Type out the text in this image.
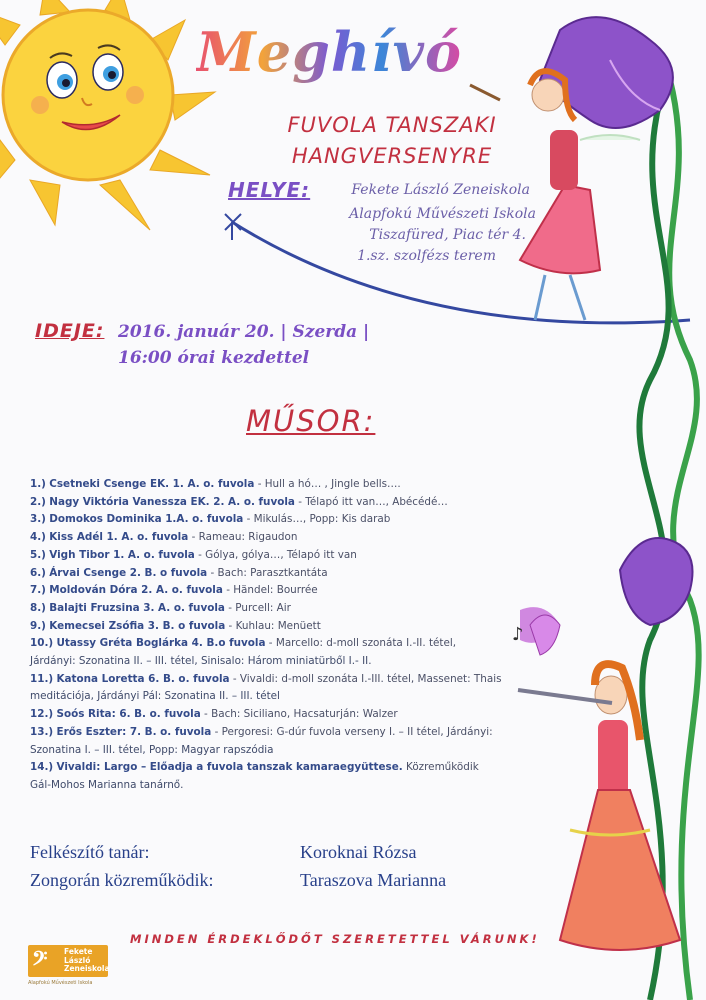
♪
Meghívó
FUVOLA TANSZAKI
HANGVERSENYRE
HELYE:	Fekete László Zeneiskola
Alapfokú Művészeti Iskola
Tiszafüred, Piac tér 4.
1.sz. szolfézs terem
IDEJE: 2016. január 20. | Szerda |
16:00 órai kezdettel
MŰSOR:
1.) Csetneki Csenge EK. 1. A. o. fuvola - Hull a hó… , Jingle bells….
2.) Nagy Viktória Vanessza EK. 2. A. o. fuvola - Télapó itt van…, Abécédé…
3.) Domokos Dominika 1.A. o. fuvola - Mikulás…, Popp: Kis darab
4.) Kiss Adél 1. A. o. fuvola - Rameau: Rigaudon
5.) Vigh Tibor 1. A. o. fuvola - Gólya, gólya…, Télapó itt van
6.) Árvai Csenge 2. B. o fuvola - Bach: Parasztkantáta
7.) Moldován Dóra 2. A. o. fuvola - Händel: Bourrée
8.) Balajti Fruzsina 3. A. o. fuvola - Purcell: Air
9.) Kemecsei Zsófia 3. B. o fuvola - Kuhlau: Menüett
10.) Utassy Gréta Boglárka 4. B.o fuvola - Marcello: d-moll szonáta I.-II. tétel,
Járdányi: Szonatina II. – III. tétel, Sinisalo: Három miniatürből I.- II.
11.) Katona Loretta 6. B. o. fuvola - Vivaldi: d-moll szonáta I.-III. tétel, Massenet: Thais
meditációja, Járdányi Pál: Szonatina II. – III. tétel
12.) Soós Rita: 6. B. o. fuvola - Bach: Siciliano, Hacsaturján: Walzer
13.) Erős Eszter: 7. B. o. fuvola - Pergoresi: G-dúr fuvola verseny I. – II tétel, Járdányi:
Szonatina I. – III. tétel, Popp: Magyar rapszódia
14.) Vivaldi: Largo – Előadja a fuvola tanszak kamaraegyüttese. Közreműködik
Gál-Mohos Marianna tanárnő.
Felkészítő tanár:	Koroknai Rózsa
Zongorán közreműködik:	Taraszova Marianna
MINDEN ÉRDEKLŐDŐT SZERETETTEL VÁRUNK!
𝄢 Fekete László Zeneiskola
Alapfokú Művészeti Iskola
